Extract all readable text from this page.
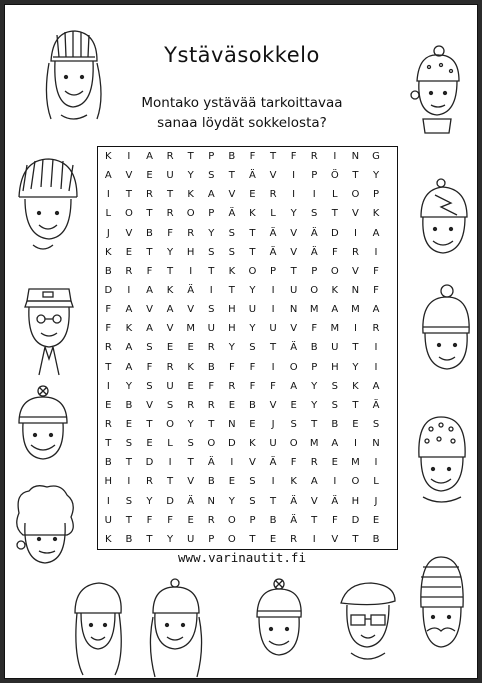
Ystäväsokkelo
Montako ystävää tarkoittavaa
sanaa löydät sokkelosta?
K	I	A	R	T	P	B	F	T	F	R	I	N	G
A	V	E	U	Y	S	T	Ä	V	I	P	Ö	T	Y
I	T	R	T	K	A	V	E	R	I	I	L	O	P
L	O	T	R	O	P	Ä	K	L	Y	S	T	V	K
J	V	B	F	R	Y	S	T	Ä	V	Ä	D	I	A
K	E	T	Y	H	S	S	T	Ä	V	Ä	F	R	I
B	R	F	T	I	T	K	O	P	T	P	O	V	F
D	I	A	K	Ä	I	T	Y	I	U	O	K	N	F
F	A	V	A	V	S	H	U	I	N	M	A	M	A
F	K	A	V	M	U	H	Y	U	V	F	M	I	R
R	A	S	E	E	R	Y	S	T	Ä	B	U	T	I
T	A	F	R	K	B	F	F	I	O	P	H	Y	I
I	Y	S	U	E	F	R	F	F	A	Y	S	K	A
E	B	V	S	R	R	E	B	V	E	Y	S	T	Ä
R	E	T	O	Y	T	N	E	J	S	T	B	E	S
T	S	E	L	S	O	D	K	U	O	M	A	I	N
B	T	D	I	T	Ä	I	V	Ä	F	R	E	M	I
H	I	R	T	V	B	E	S	I	K	A	I	O	L
I	S	Y	D	Ä	N	Y	S	T	Ä	V	Ä	H	J
U	T	F	F	E	R	O	P	B	Ä	T	F	D	E
K	B	T	Y	U	P	O	T	E	R	I	V	T	B
www.varinautit.fi
